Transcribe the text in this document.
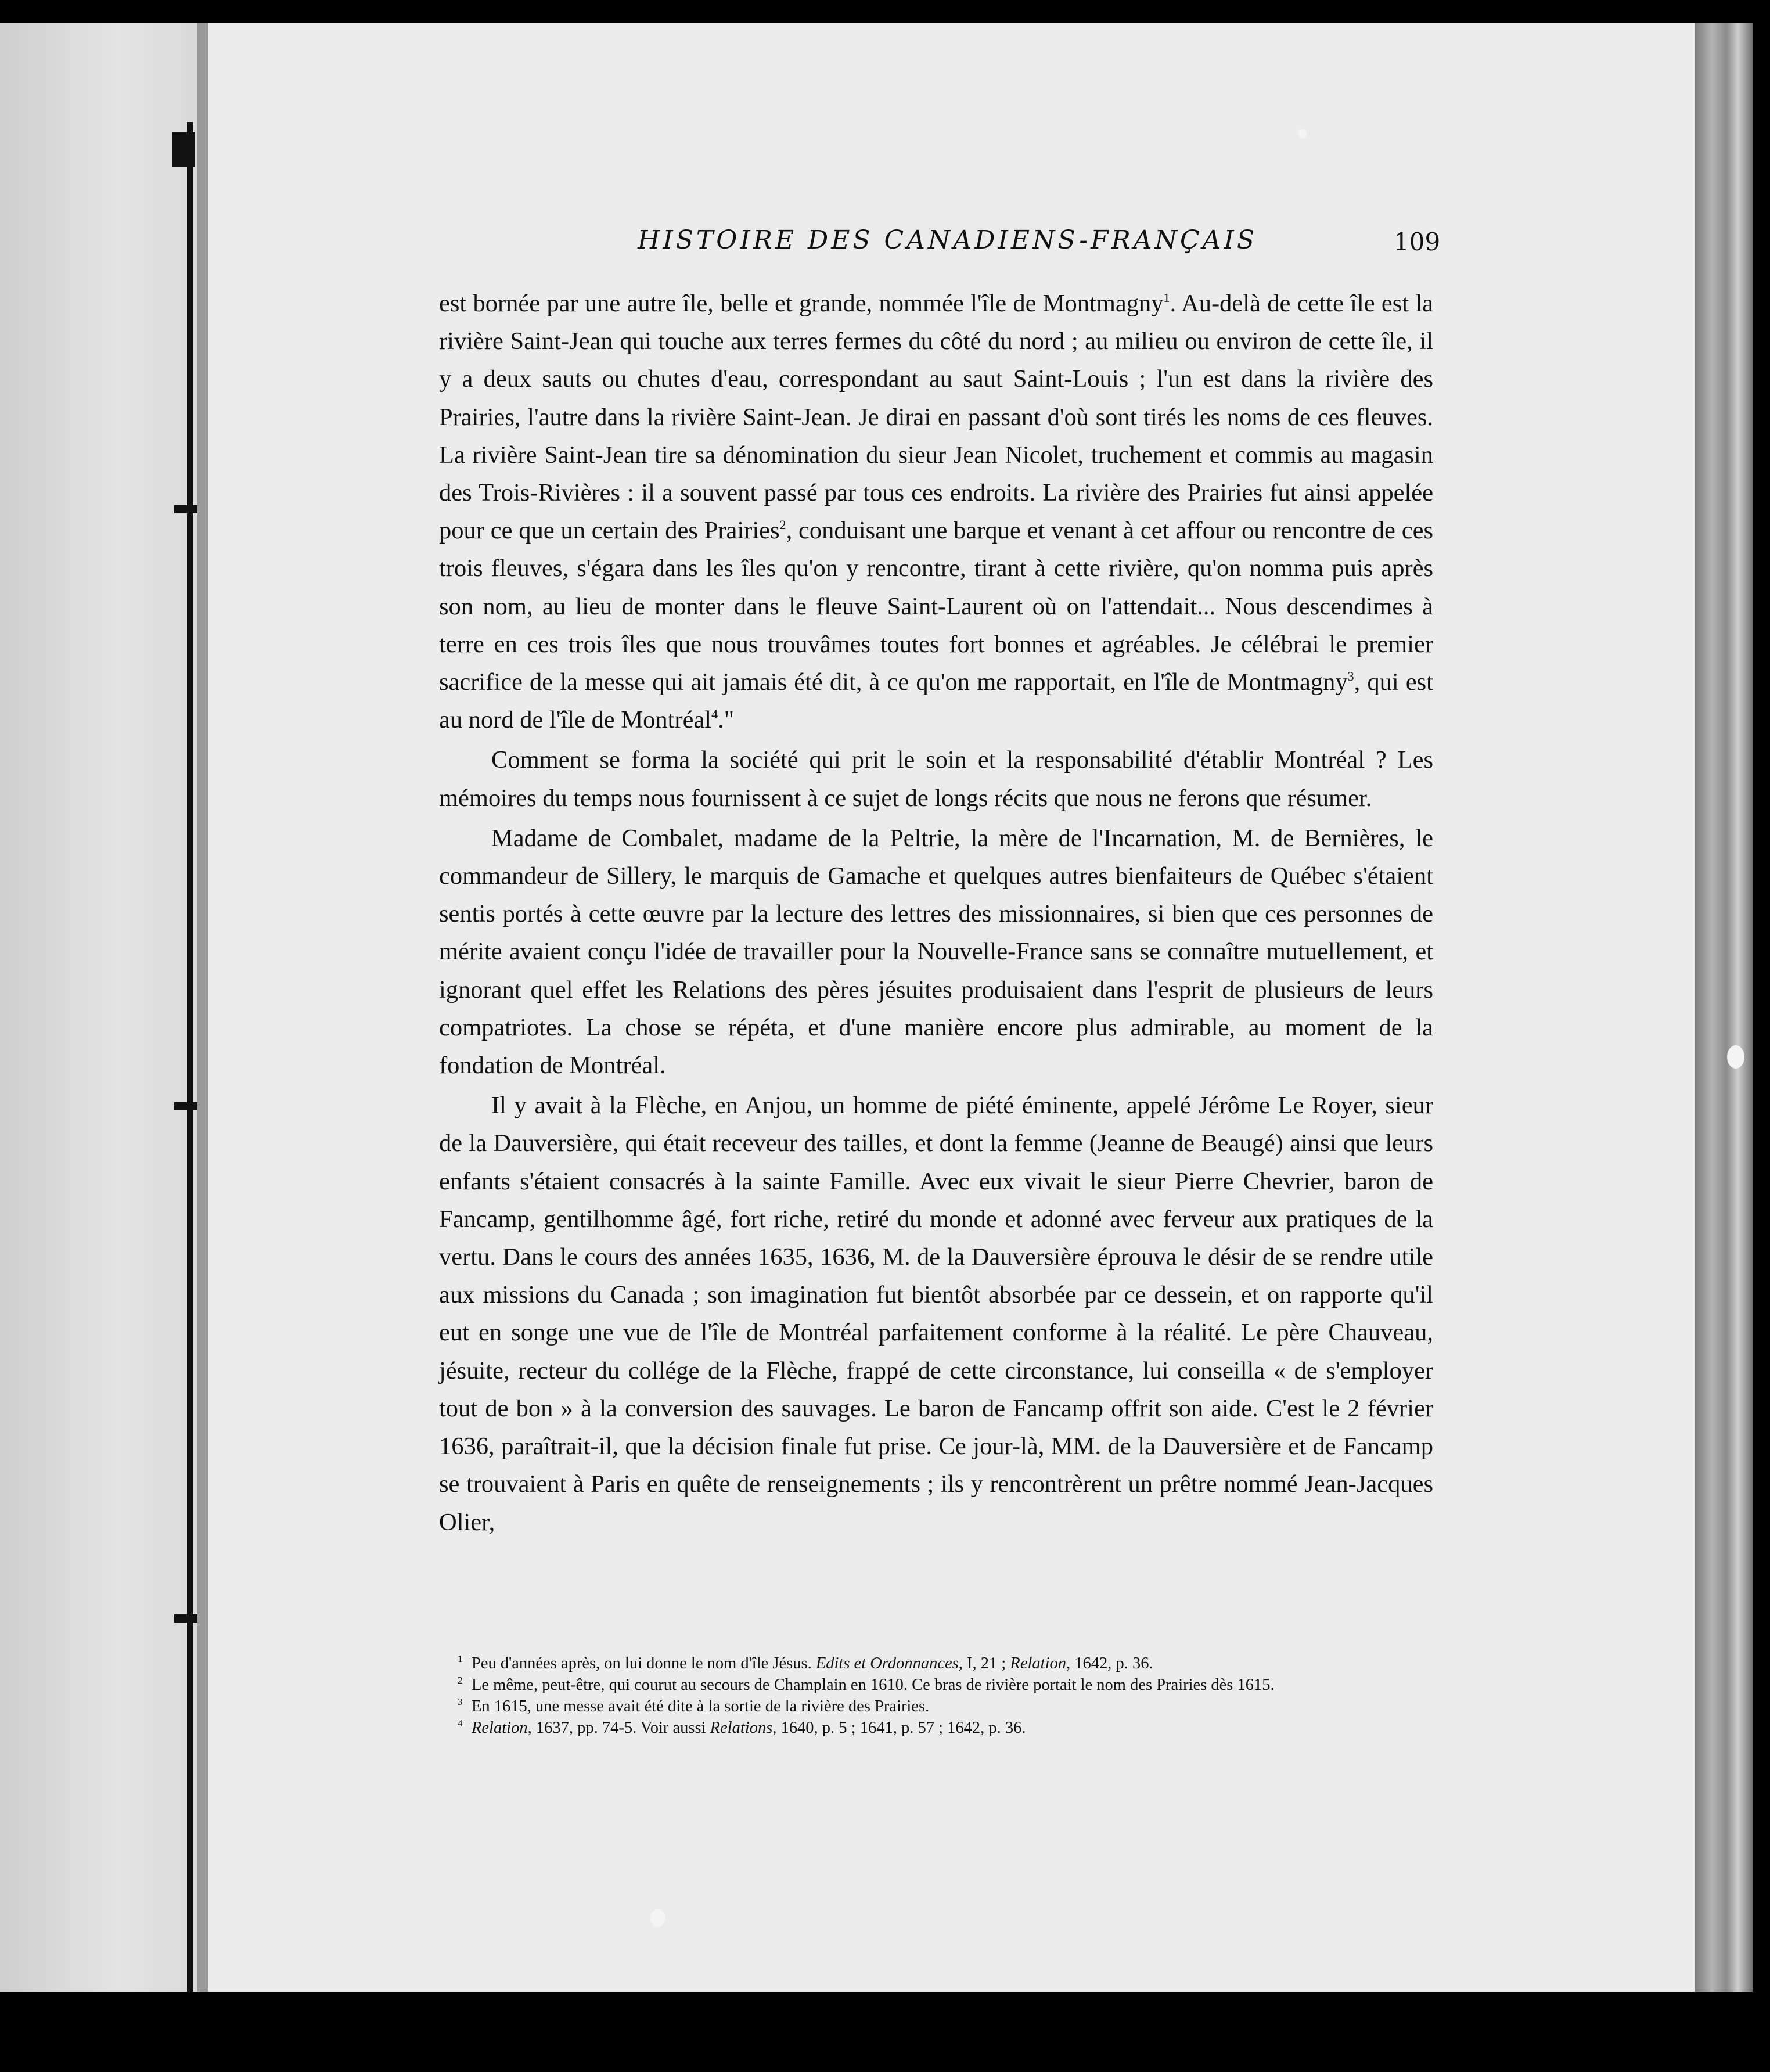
HISTOIRE DES CANADIENS-FRANÇAIS	109

est bornée par une autre île, belle et grande, nommée l'île de Montmagny$^1$. Au-delà de cette île est la rivière Saint-Jean qui touche aux terres fermes du côté du nord ; au milieu ou environ de cette île, il y a deux sauts ou chutes d'eau, correspondant au saut Saint-Louis ; l'un est dans la rivière des Prairies, l'autre dans la rivière Saint-Jean. Je dirai en passant d'où sont tirés les noms de ces fleuves. La rivière Saint-Jean tire sa dénomination du sieur Jean Nicolet, truchement et commis au magasin des Trois-Rivières : il a souvent passé par tous ces endroits. La rivière des Prairies fut ainsi appelée pour ce que un certain des Prairies$^2$, conduisant une barque et venant à cet affour ou rencontre de ces trois fleuves, s'égara dans les îles qu'on y rencontre, tirant à cette rivière, qu'on nomma puis après son nom, au lieu de monter dans le fleuve Saint-Laurent où on l'attendait... Nous descendimes à terre en ces trois îles que nous trouvâmes toutes fort bonnes et agréables. Je célébrai le premier sacrifice de la messe qui ait jamais été dit, à ce qu'on me rapportait, en l'île de Montmagny$^3$, qui est au nord de l'île de Montréal$^4$."

Comment se forma la société qui prit le soin et la responsabilité d'établir Montréal ? Les mémoires du temps nous fournissent à ce sujet de longs récits que nous ne ferons que résumer.

Madame de Combalet, madame de la Peltrie, la mère de l'Incarnation, M. de Bernières, le commandeur de Sillery, le marquis de Gamache et quelques autres bienfaiteurs de Québec s'étaient sentis portés à cette œuvre par la lecture des lettres des missionnaires, si bien que ces personnes de mérite avaient conçu l'idée de travailler pour la Nouvelle-France sans se connaître mutuellement, et ignorant quel effet les Relations des pères jésuites produisaient dans l'esprit de plusieurs de leurs compatriotes. La chose se répéta, et d'une manière encore plus admirable, au moment de la fondation de Montréal.

Il y avait à la Flèche, en Anjou, un homme de piété éminente, appelé Jérôme Le Royer, sieur de la Dauversière, qui était receveur des tailles, et dont la femme (Jeanne de Beaugé) ainsi que leurs enfants s'étaient consacrés à la sainte Famille. Avec eux vivait le sieur Pierre Chevrier, baron de Fancamp, gentilhomme âgé, fort riche, retiré du monde et adonné avec ferveur aux pratiques de la vertu. Dans le cours des années 1635, 1636, M. de la Dauversière éprouva le désir de se rendre utile aux missions du Canada ; son imagination fut bientôt absorbée par ce dessein, et on rapporte qu'il eut en songe une vue de l'île de Montréal parfaitement conforme à la réalité. Le père Chauveau, jésuite, recteur du collége de la Flèche, frappé de cette circonstance, lui conseilla « de s'employer tout de bon » à la conversion des sauvages. Le baron de Fancamp offrit son aide. C'est le 2 février 1636, paraîtrait-il, que la décision finale fut prise. Ce jour-là, MM. de la Dauversière et de Fancamp se trouvaient à Paris en quête de renseignements ; ils y rencontrèrent un prêtre nommé Jean-Jacques Olier,

1 Peu d'années après, on lui donne le nom d'île Jésus. Edits et Ordonnances, I, 21 ; Relation, 1642, p. 36.
2 Le même, peut-être, qui courut au secours de Champlain en 1610. Ce bras de rivière portait le nom des Prairies dès 1615.
3 En 1615, une messe avait été dite à la sortie de la rivière des Prairies.
4 Relation, 1637, pp. 74-5. Voir aussi Relations, 1640, p. 5 ; 1641, p. 57 ; 1642, p. 36.
